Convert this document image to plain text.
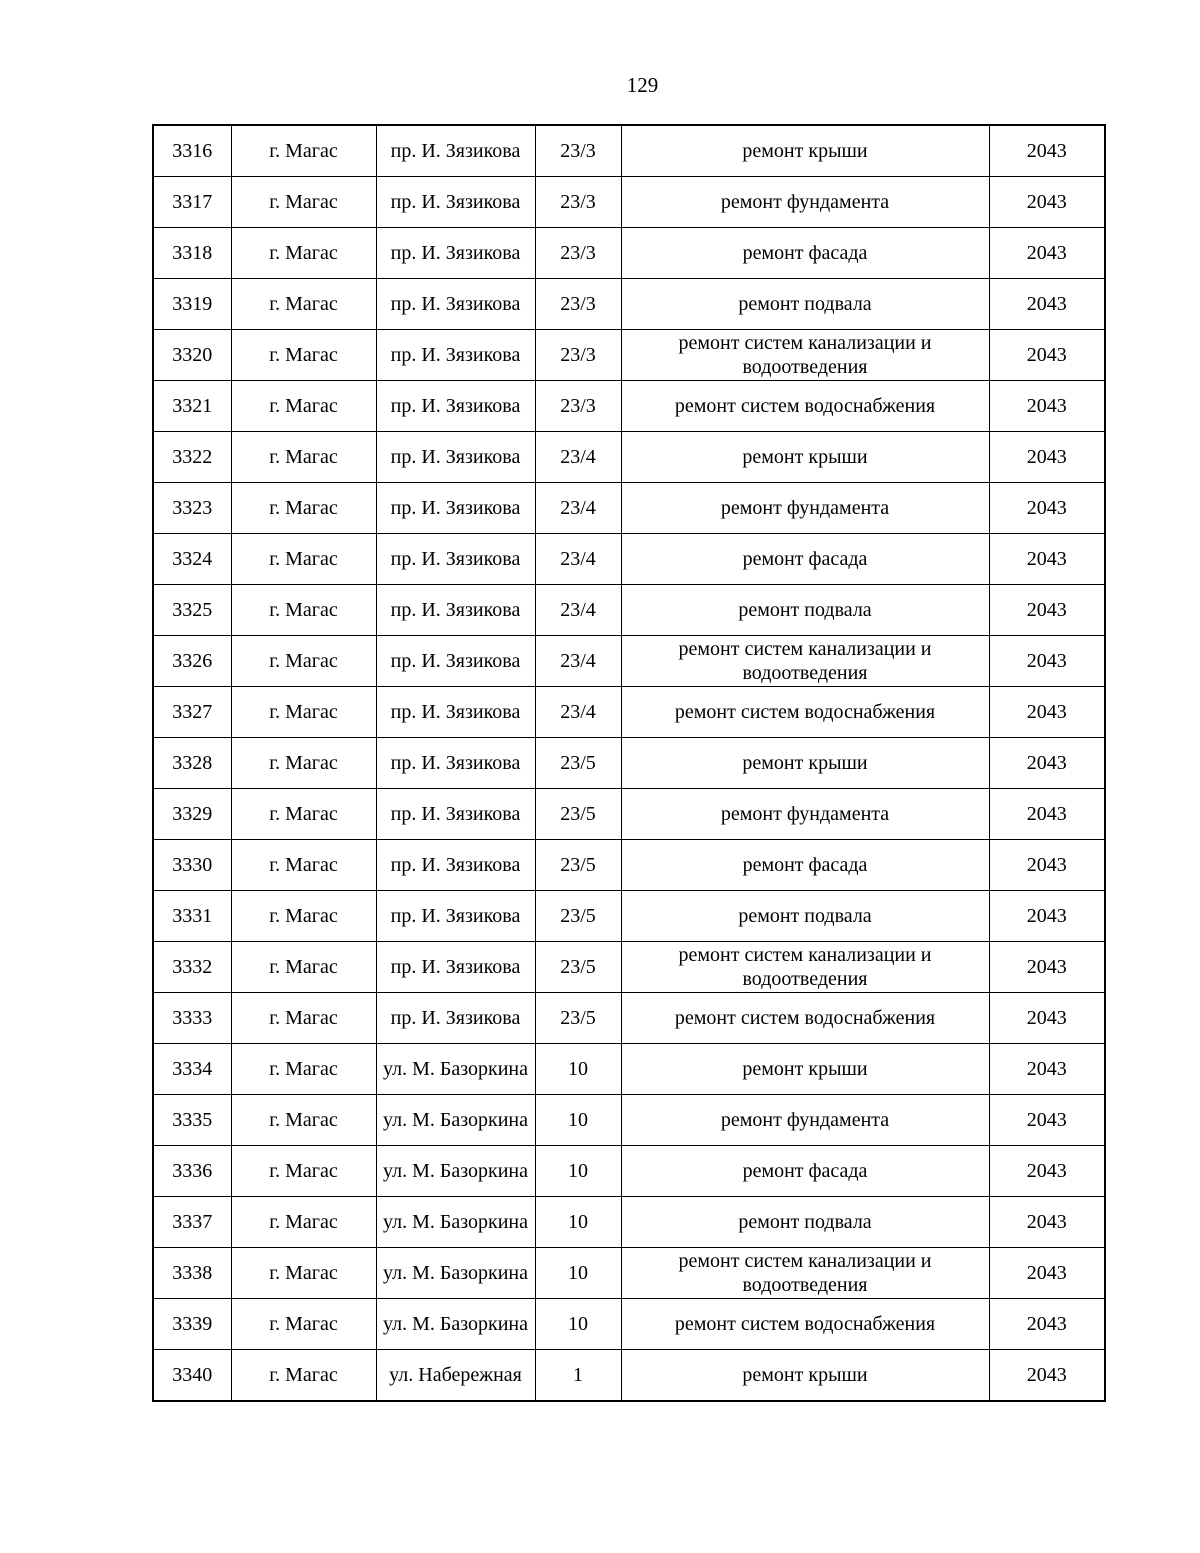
129
3316	г. Магас	пр. И. Зязикова	23/3	ремонт крыши	2043
3317	г. Магас	пр. И. Зязикова	23/3	ремонт фундамента	2043
3318	г. Магас	пр. И. Зязикова	23/3	ремонт фасада	2043
3319	г. Магас	пр. И. Зязикова	23/3	ремонт подвала	2043
3320	г. Магас	пр. И. Зязикова	23/3	ремонт систем канализации и водоотведения	2043
3321	г. Магас	пр. И. Зязикова	23/3	ремонт систем водоснабжения	2043
3322	г. Магас	пр. И. Зязикова	23/4	ремонт крыши	2043
3323	г. Магас	пр. И. Зязикова	23/4	ремонт фундамента	2043
3324	г. Магас	пр. И. Зязикова	23/4	ремонт фасада	2043
3325	г. Магас	пр. И. Зязикова	23/4	ремонт подвала	2043
3326	г. Магас	пр. И. Зязикова	23/4	ремонт систем канализации и водоотведения	2043
3327	г. Магас	пр. И. Зязикова	23/4	ремонт систем водоснабжения	2043
3328	г. Магас	пр. И. Зязикова	23/5	ремонт крыши	2043
3329	г. Магас	пр. И. Зязикова	23/5	ремонт фундамента	2043
3330	г. Магас	пр. И. Зязикова	23/5	ремонт фасада	2043
3331	г. Магас	пр. И. Зязикова	23/5	ремонт подвала	2043
3332	г. Магас	пр. И. Зязикова	23/5	ремонт систем канализации и водоотведения	2043
3333	г. Магас	пр. И. Зязикова	23/5	ремонт систем водоснабжения	2043
3334	г. Магас	ул. М. Базоркина	10	ремонт крыши	2043
3335	г. Магас	ул. М. Базоркина	10	ремонт фундамента	2043
3336	г. Магас	ул. М. Базоркина	10	ремонт фасада	2043
3337	г. Магас	ул. М. Базоркина	10	ремонт подвала	2043
3338	г. Магас	ул. М. Базоркина	10	ремонт систем канализации и водоотведения	2043
3339	г. Магас	ул. М. Базоркина	10	ремонт систем водоснабжения	2043
3340	г. Магас	ул. Набережная	1	ремонт крыши	2043
